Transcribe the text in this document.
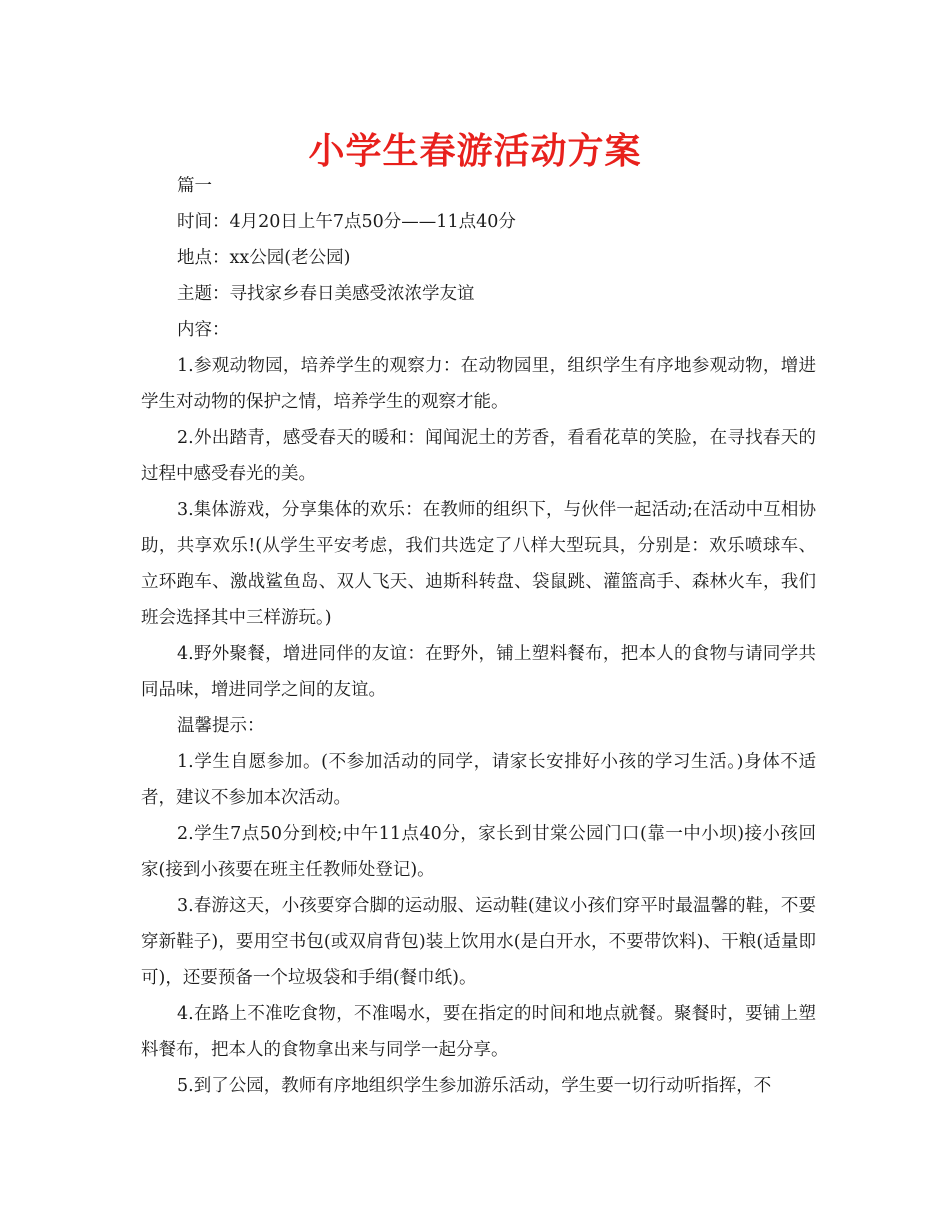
小学生春游活动方案

篇一

时间：4月20日上午7点50分——11点40分

地点：xx公园(老公园)

主题：寻找家乡春日美感受浓浓学友谊

内容：

1.参观动物园，培养学生的观察力：在动物园里，组织学生有序地参观动物，增进学生对动物的保护之情，培养学生的观察才能。

2.外出踏青，感受春天的暖和：闻闻泥土的芳香，看看花草的笑脸，在寻找春天的过程中感受春光的美。

3.集体游戏，分享集体的欢乐：在教师的组织下，与伙伴一起活动;在活动中互相协助，共享欢乐!(从学生平安考虑，我们共选定了八样大型玩具，分别是：欢乐喷球车、立环跑车、激战鲨鱼岛、双人飞天、迪斯科转盘、袋鼠跳、灌篮高手、森林火车，我们班会选择其中三样游玩。)

4.野外聚餐，增进同伴的友谊：在野外，铺上塑料餐布，把本人的食物与请同学共同品味，增进同学之间的友谊。

温馨提示：

1.学生自愿参加。(不参加活动的同学，请家长安排好小孩的学习生活。)身体不适者，建议不参加本次活动。

2.学生7点50分到校;中午11点40分，家长到甘棠公园门口(靠一中小坝)接小孩回家(接到小孩要在班主任教师处登记)。

3.春游这天，小孩要穿合脚的运动服、运动鞋(建议小孩们穿平时最温馨的鞋，不要穿新鞋子)，要用空书包(或双肩背包)装上饮用水(是白开水，不要带饮料)、干粮(适量即可)，还要预备一个垃圾袋和手绢(餐巾纸)。

4.在路上不准吃食物，不准喝水，要在指定的时间和地点就餐。聚餐时，要铺上塑料餐布，把本人的食物拿出来与同学一起分享。

5.到了公园，教师有序地组织学生参加游乐活动，学生要一切行动听指挥，不
